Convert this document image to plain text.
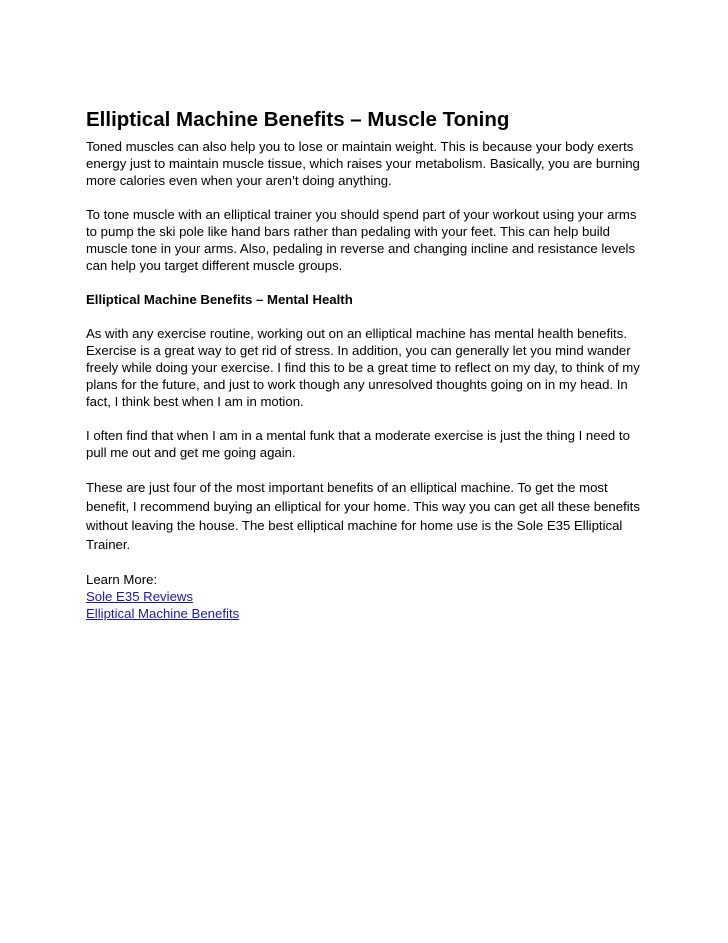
Elliptical Machine Benefits – Muscle Toning

Toned muscles can also help you to lose or maintain weight. This is because your body exerts energy just to maintain muscle tissue, which raises your metabolism. Basically, you are burning more calories even when your aren’t doing anything.

To tone muscle with an elliptical trainer you should spend part of your workout using your arms to pump the ski pole like hand bars rather than pedaling with your feet. This can help build muscle tone in your arms. Also, pedaling in reverse and changing incline and resistance levels can help you target different muscle groups.

Elliptical Machine Benefits – Mental Health

As with any exercise routine, working out on an elliptical machine has mental health benefits. Exercise is a great way to get rid of stress. In addition, you can generally let you mind wander freely while doing your exercise. I find this to be a great time to reflect on my day, to think of my plans for the future, and just to work though any unresolved thoughts going on in my head. In fact, I think best when I am in motion.

I often find that when I am in a mental funk that a moderate exercise is just the thing I need to pull me out and get me going again.

These are just four of the most important benefits of an elliptical machine. To get the most benefit, I recommend buying an elliptical for your home. This way you can get all these benefits without leaving the house. The best elliptical machine for home use is the Sole E35 Elliptical Trainer.

Learn More:

Sole E35 Reviews
Elliptical Machine Benefits
